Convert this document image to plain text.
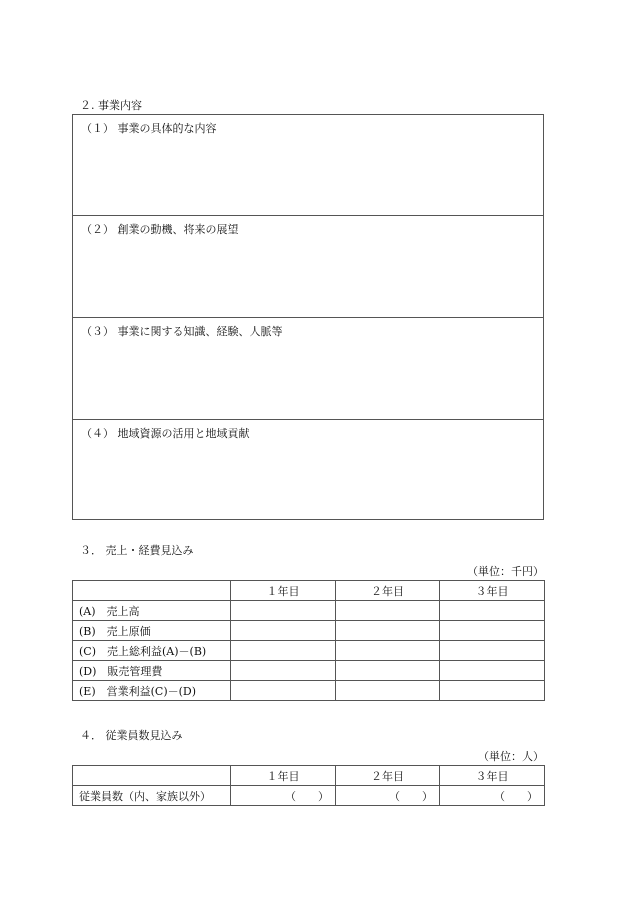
２. 事業内容
（１） 事業の具体的な内容
（２） 創業の動機、将来の展望
（３） 事業に関する知識、経験、人脈等
（４） 地域資源の活用と地域貢献
３． 売上・経費見込み
（単位：千円）
	１年目	２年目	３年目
(A)　売上高			
(B)　売上原価			
(C)　売上総利益(A)－(B)			
(D)　販売管理費			
(E)　営業利益(C)－(D)			
４． 従業員数見込み
（単位：人）
	１年目	２年目	３年目
従業員数（内、家族以外）	（　　）	（　　）	（　　）
